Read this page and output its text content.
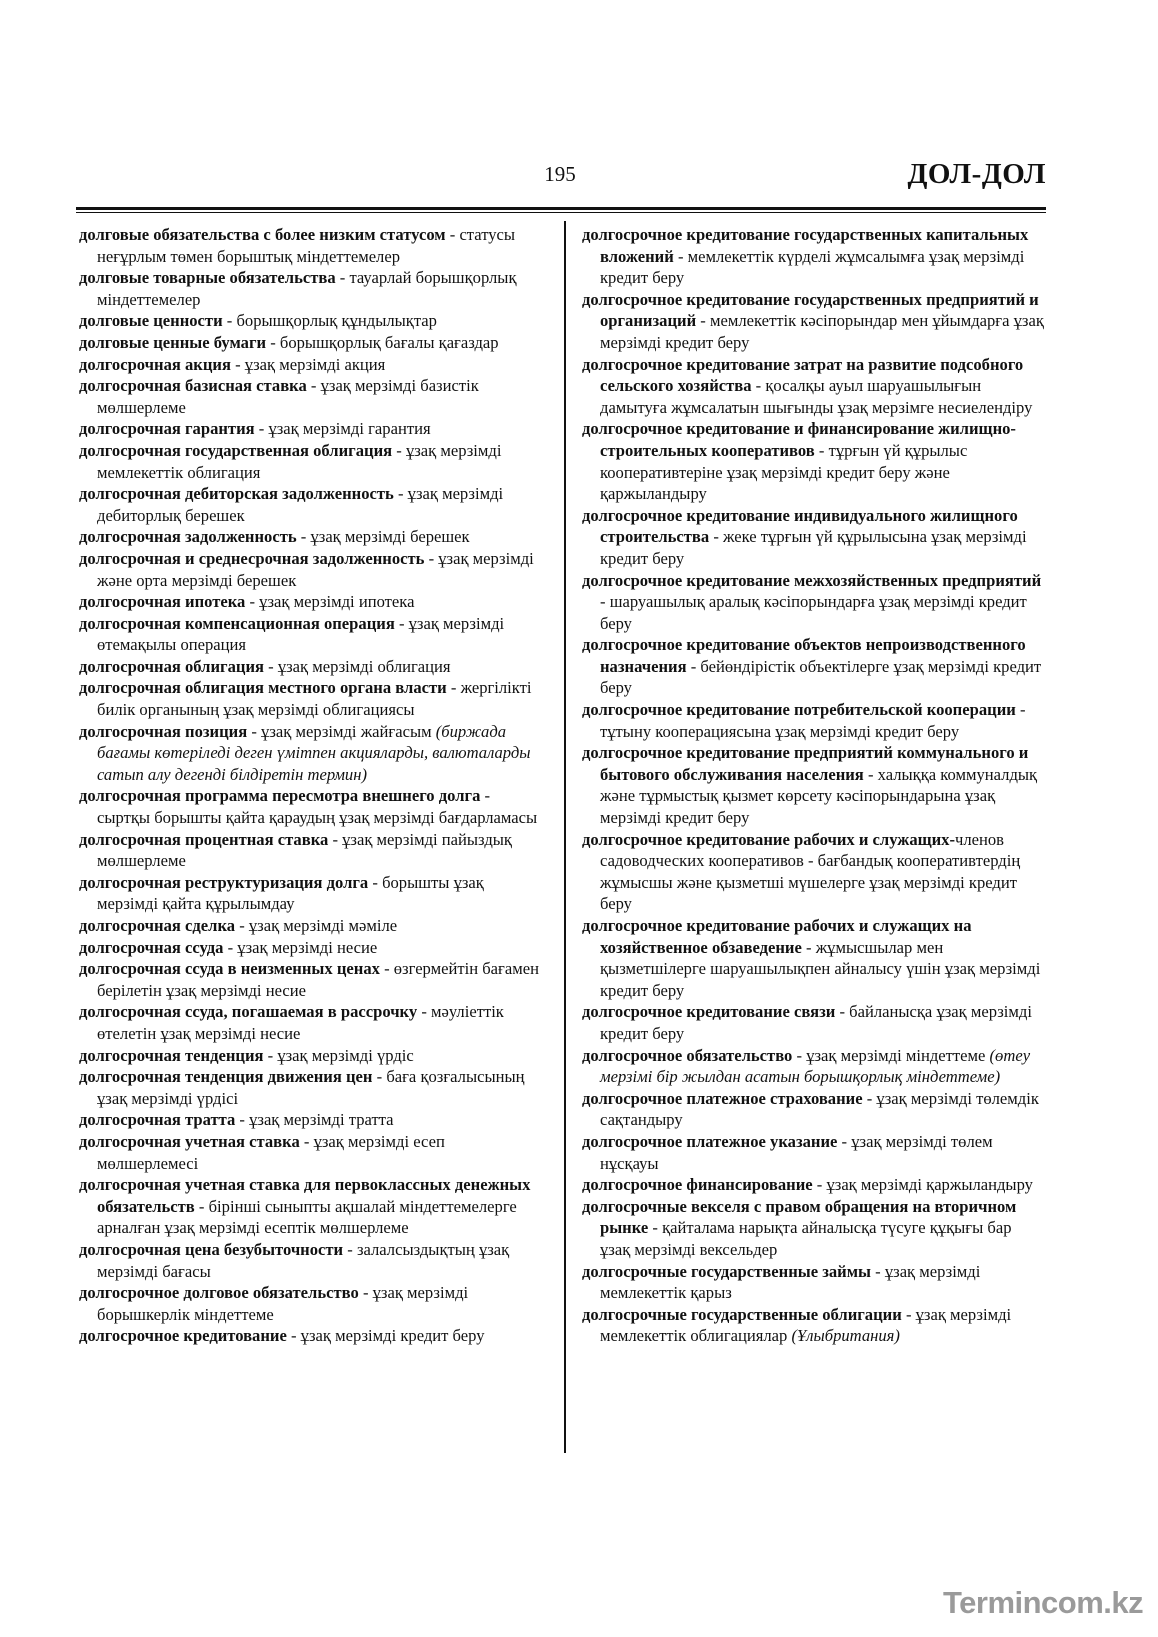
195	ДОЛ-ДОЛ

долговые обязательства с более низким статусом - статусы неғұрлым төмен борыштық міндеттемелер

долговые товарные обязательства - тауарлай борышқорлық міндеттемелер

долговые ценности - борышқорлық құндылықтар

долговые ценные бумаги - борышқорлық бағалы қағаздар

долгосрочная акция - ұзақ мерзімді акция

долгосрочная базисная ставка - ұзақ мерзімді базистік мөлшерлеме

долгосрочная гарантия - ұзақ мерзімді гарантия

долгосрочная государственная облигация - ұзақ мерзімді мемлекеттік облигация

долгосрочная дебиторская задолженность - ұзақ мерзімді дебиторлық берешек

долгосрочная задолженность - ұзақ мерзімді берешек

долгосрочная и среднесрочная задолженность - ұзақ мерзімді және орта мерзімді берешек

долгосрочная ипотека - ұзақ мерзімді ипотека

долгосрочная компенсационная операция - ұзақ мерзімді өтемақылы операция

долгосрочная облигация - ұзақ мерзімді облигация

долгосрочная облигация местного органа власти - жергілікті билік органының ұзақ мерзімді облигациясы

долгосрочная позиция - ұзақ мерзімді жайғасым (биржада бағамы көтеріледі деген үмітпен акцияларды, валюталарды сатып алу дегенді білдіретін термин)

долгосрочная программа пересмотра внешнего долга - сыртқы борышты қайта қараудың ұзақ мерзімді бағдарламасы

долгосрочная процентная ставка - ұзақ мерзімді пайыздық мөлшерлеме

долгосрочная реструктуризация долга - борышты ұзақ мерзімді қайта құрылымдау

долгосрочная сделка - ұзақ мерзімді мәміле

долгосрочная ссуда - ұзақ мерзімді несие

долгосрочная ссуда в неизменных ценах - өзгермейтін бағамен берілетін ұзақ мерзімді несие

долгосрочная ссуда, погашаемая в рассрочку - мәуліеттік өтелетін ұзақ мерзімді несие

долгосрочная тенденция - ұзақ мерзімді үрдіс

долгосрочная тенденция движения цен - баға қозғалысының ұзақ мерзімді үрдісі

долгосрочная тратта - ұзақ мерзімді тратта

долгосрочная учетная ставка - ұзақ мерзімді есеп мөлшерлемесі

долгосрочная учетная ставка для первоклассных денежных обязательств - бірінші сыныпты ақшалай міндеттемелерге арналған ұзақ мерзімді есептік мөлшерлеме

долгосрочная цена безубыточности - залалсыздықтың ұзақ мерзімді бағасы

долгосрочное долговое обязательство - ұзақ мерзімді борышкерлік міндеттеме

долгосрочное кредитование - ұзақ мерзімді кредит беру

долгосрочное кредитование государственных капитальных вложений - мемлекеттік күрделі жұмсалымға ұзақ мерзімді кредит беру

долгосрочное кредитование государственных предприятий и организаций - мемлекеттік кәсіпорындар мен ұйымдарға ұзақ мерзімді кредит беру

долгосрочное кредитование затрат на развитие подсобного сельского хозяйства - қосалқы ауыл шаруашылығын дамытуға жұмсалатын шығынды ұзақ мерзімге несиелендіру

долгосрочное кредитование и финансирование жилищно-строительных кооперативов - тұрғын үй құрылыс кооперативтеріне ұзақ мерзімді кредит беру және қаржыландыру

долгосрочное кредитование индивидуального жилищного строительства - жеке тұрғын үй құрылысына ұзақ мерзімді кредит беру

долгосрочное кредитование межхозяйственных предприятий - шаруашылық аралық кәсіпорындарға ұзақ мерзімді кредит беру

долгосрочное кредитование объектов непроизводственного назначения - бейөндірістік объектілерге ұзақ мерзімді кредит беру

долгосрочное кредитование потребительской кооперации - тұтыну кооперациясына ұзақ мерзімді кредит беру

долгосрочное кредитование предприятий коммунального и бытового обслуживания населения - халыққа коммуналдық және тұрмыстық қызмет көрсету кәсіпорындарына ұзақ мерзімді кредит беру

долгосрочное кредитование рабочих и служащих-членов садоводческих кооперативов - бағбандық кооперативтердің жұмысшы және қызметші мүшелерге ұзақ мерзімді кредит беру

долгосрочное кредитование рабочих и служащих на хозяйственное обзаведение - жұмысшылар мен қызметшілерге шаруашылықпен айналысу үшін ұзақ мерзімді кредит беру

долгосрочное кредитование связи - байланысқа ұзақ мерзімді кредит беру

долгосрочное обязательство - ұзақ мерзімді міндеттеме (өтеу мерзімі бір жылдан асатын борышқорлық міндеттеме)

долгосрочное платежное страхование - ұзақ мерзімді төлемдік сақтандыру

долгосрочное платежное указание - ұзақ мерзімді төлем нұсқауы

долгосрочное финансирование - ұзақ мерзімді қаржыландыру

долгосрочные векселя с правом обращения на вторичном рынке - қайталама нарықта айналысқа түсуге құқығы бар ұзақ мерзімді вексельдер

долгосрочные государственные займы - ұзақ мерзімді мемлекеттік қарыз

долгосрочные государственные облигации - ұзақ мерзімді мемлекеттік облигациялар (Ұлыбритания)

Termincom.kz
